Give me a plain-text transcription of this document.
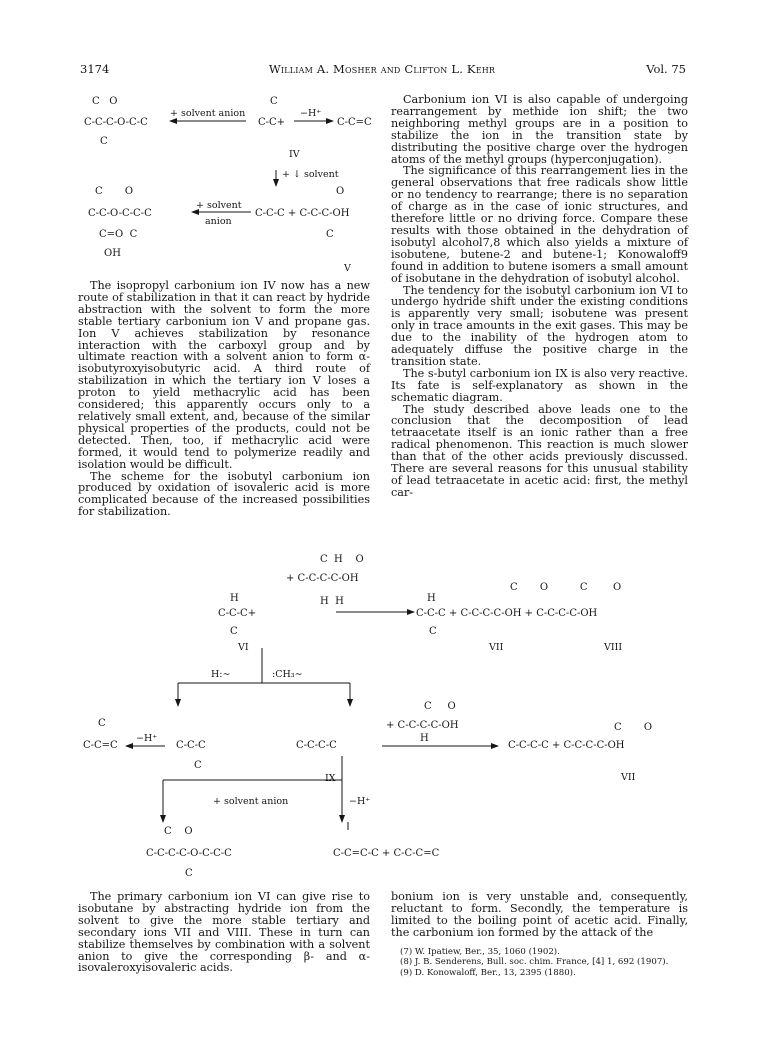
3174	William A. Mosher and Clifton L. Kehr	Vol. 75
C   O
C-C-C-O-C-C
C
C
C-C+	C-C=C
C       O
C-C-O-C-C-C
C=O  C
OH
C-C-C + C-C-C-OH
O
C
C  H    O
+ C-C-C-C-OH
H  H
H
C-C-C+
C
H
C-C-C + C-C-C-C-OH + C-C-C-C-OH
C
C       O          C        O
C
C-C=C	C-C-C
C
C-C-C-C
C     O
+ C-C-C-C-OH
H
C-C-C-C + C-C-C-C-OH
C       O
C    O
C-C-C-C-O-C-C-C
C
C-C=C-C + C-C-C=C
+ solvent anion	−H⁺
IV
+ ↓ solvent
+ solvent
anion
V
VI	VII	VIII
H:∼	:CH₃∼
−H⁺
IX	VII
+ solvent anion	−H⁺

The isopropyl carbonium ion IV now has a new route of stabilization in that it can react by hydride abstraction with the solvent to form the more stable tertiary carbonium ion V and propane gas. Ion V achieves stabilization by resonance interaction with the carboxyl group and by ultimate reaction with a solvent anion to form α-isobutyroxyisobutyric acid. A third route of stabilization in which the tertiary ion V loses a proton to yield methacrylic acid has been considered; this apparently occurs only to a relatively small extent, and, because of the similar physical properties of the products, could not be detected. Then, too, if methacrylic acid were formed, it would tend to polymerize readily and isolation would be difficult.

The scheme for the isobutyl carbonium ion produced by oxidation of isovaleric acid is more complicated because of the increased possibilities for stabilization.

Carbonium ion VI is also capable of undergoing rearrangement by methide ion shift; the two neighboring methyl groups are in a position to stabilize the ion in the transition state by distributing the positive charge over the hydrogen atoms of the methyl groups (hyperconjugation).

The significance of this rearrangement lies in the general observations that free radicals show little or no tendency to rearrange; there is no separation of charge as in the case of ionic structures, and therefore little or no driving force. Compare these results with those obtained in the dehydration of isobutyl alcohol7,8 which also yields a mixture of isobutene, butene-2 and butene-1; Konowaloff9 found in addition to butene isomers a small amount of isobutane in the dehydration of isobutyl alcohol.

The tendency for the isobutyl carbonium ion VI to undergo hydride shift under the existing conditions is apparently very small; isobutene was present only in trace amounts in the exit gases. This may be due to the inability of the hydrogen atom to adequately diffuse the positive charge in the transition state.

The s-butyl carbonium ion IX is also very reactive. Its fate is self-explanatory as shown in the schematic diagram.

The study described above leads one to the conclusion that the decomposition of lead tetraacetate itself is an ionic rather than a free radical phenomenon. This reaction is much slower than that of the other acids previously discussed. There are several reasons for this unusual stability of lead tetraacetate in acetic acid: first, the methyl car-

The primary carbonium ion VI can give rise to isobutane by abstracting hydride ion from the solvent to give the more stable tertiary and secondary ions VII and VIII. These in turn can stabilize themselves by combination with a solvent anion to give the corresponding β- and α-isovaleroxyisovaleric acids.

bonium ion is very unstable and, consequently, reluctant to form. Secondly, the temperature is limited to the boiling point of acetic acid. Finally, the carbonium ion formed by the attack of the

(7) W. Ipatiew, Ber., 35, 1060 (1902).
(8) J. B. Senderens, Bull. soc. chim. France, [4] 1, 692 (1907).
(9) D. Konowaloff, Ber., 13, 2395 (1880).
